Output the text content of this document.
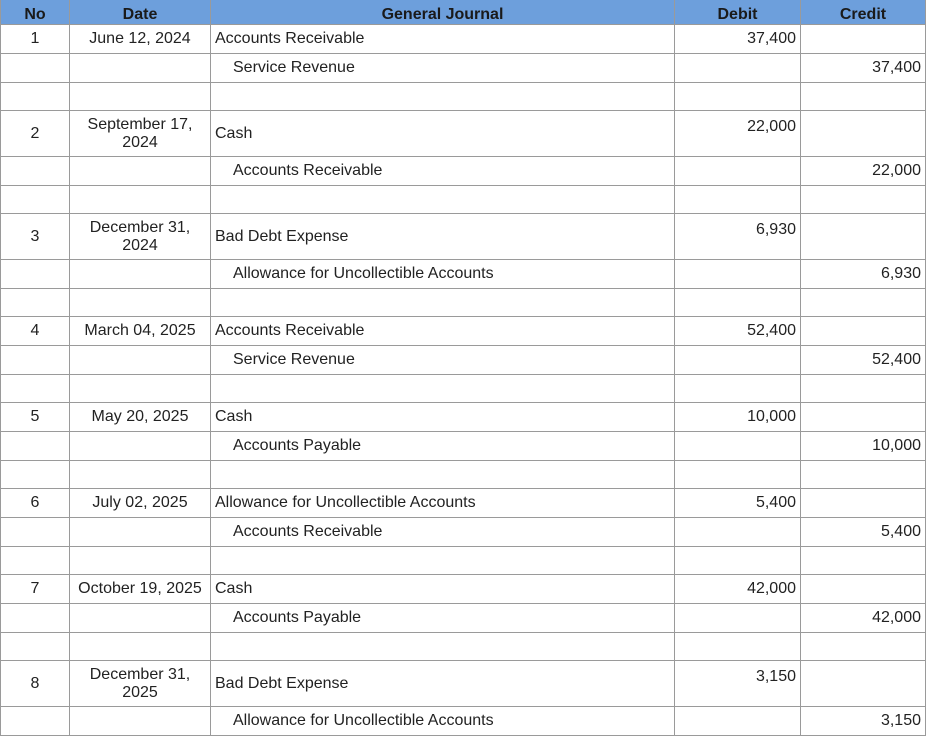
No	Date	General Journal	Debit	Credit
1	June 12, 2024	Accounts Receivable	37,400	
		Service Revenue		37,400

2	September 17, 2024	Cash	22,000	
		Accounts Receivable		22,000

3	December 31, 2024	Bad Debt Expense	6,930	
		Allowance for Uncollectible Accounts		6,930

4	March 04, 2025	Accounts Receivable	52,400	
		Service Revenue		52,400

5	May 20, 2025	Cash	10,000	
		Accounts Payable		10,000

6	July 02, 2025	Allowance for Uncollectible Accounts	5,400	
		Accounts Receivable		5,400

7	October 19, 2025	Cash	42,000	
		Accounts Payable		42,000

8	December 31, 2025	Bad Debt Expense	3,150	
		Allowance for Uncollectible Accounts		3,150
